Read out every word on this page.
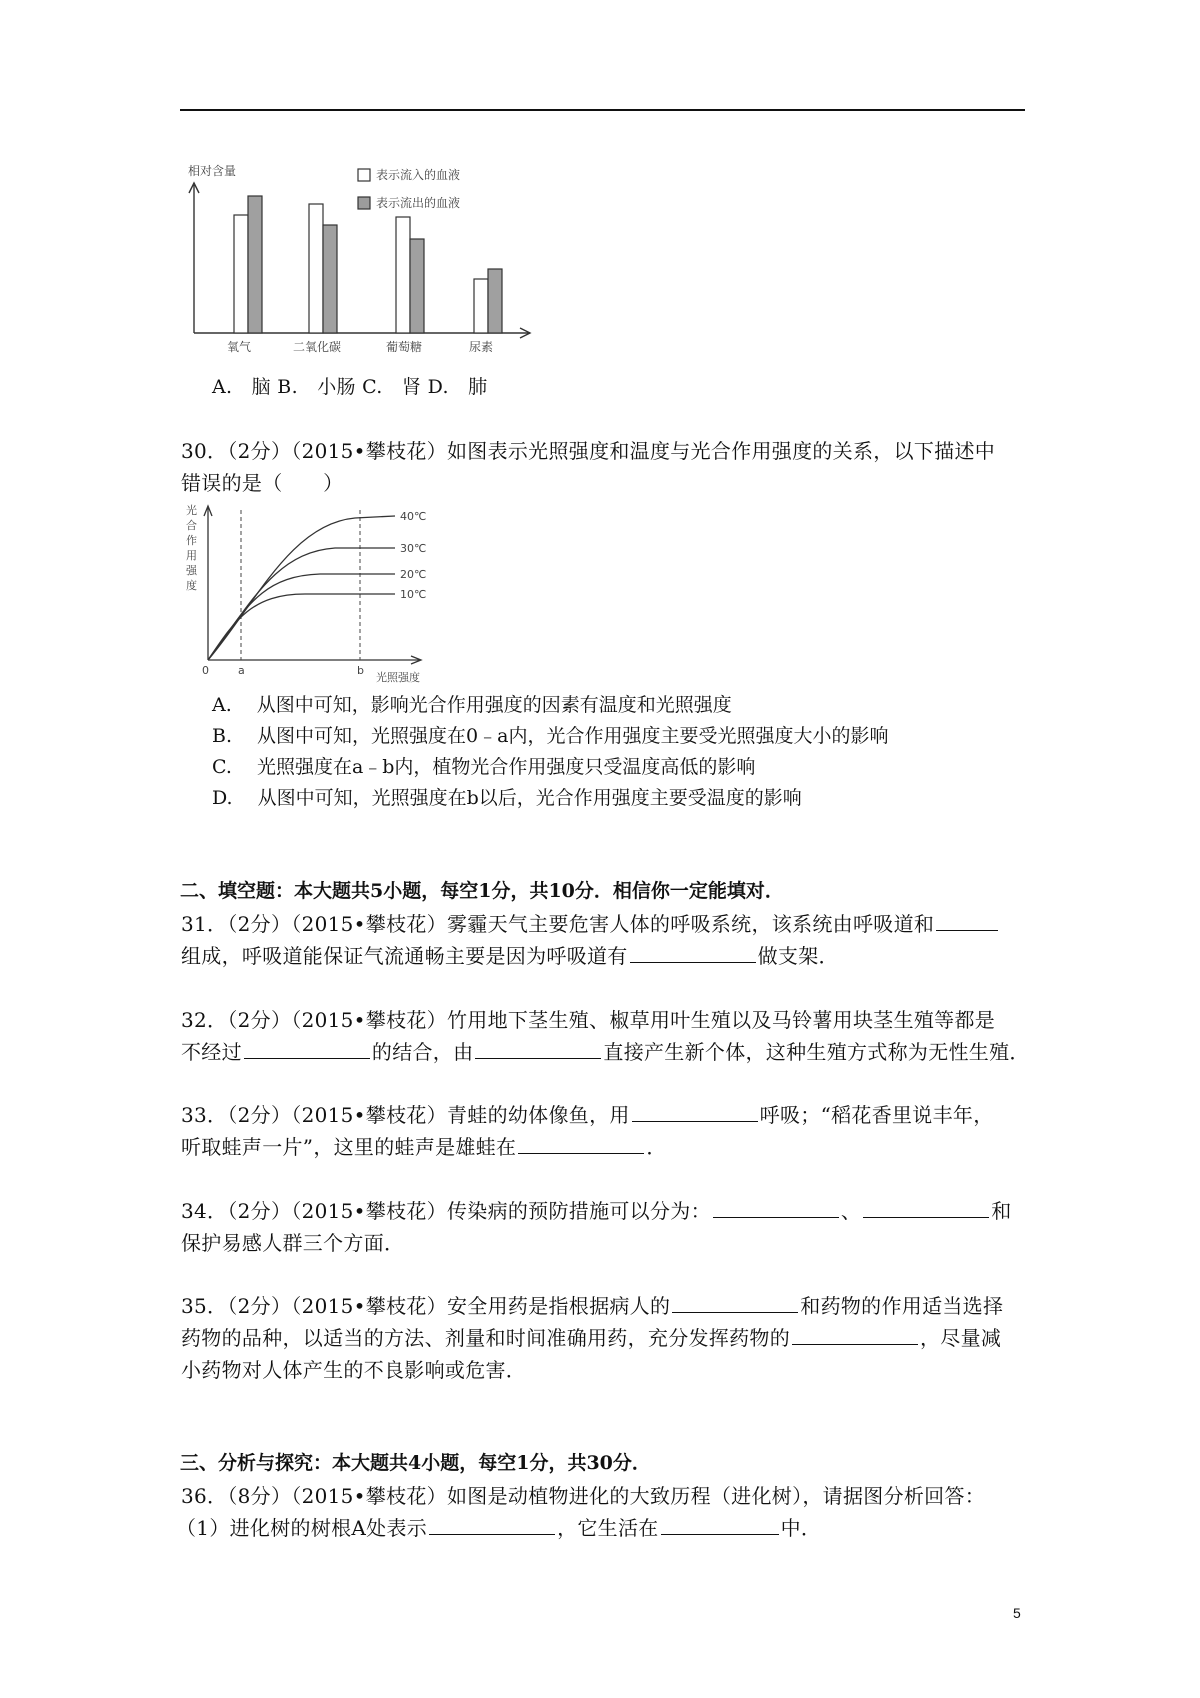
相对含量	表示流入的血液
表示流出的血液
氧气	二氧化碳	葡萄糖	尿素
A.　脑 B.　小肠 C.　肾 D.　肺
30．（2分）（2015•攀枝花）如图表示光照强度和温度与光合作用强度的关系，以下描述中
错误的是（　　）
光
合
作
用
强
度
40℃
30℃
20℃
10℃
0	a	b
光照强度
A.　 从图中可知，影响光合作用强度的因素有温度和光照强度
B.　 从图中可知，光照强度在0﹣a内，光合作用强度主要受光照强度大小的影响
C.　 光照强度在a﹣b内，植物光合作用强度只受温度高低的影响
D.　 从图中可知，光照强度在b以后，光合作用强度主要受温度的影响
二、填空题：本大题共5小题，每空1分，共10分．相信你一定能填对．
31．（2分）（2015•攀枝花）雾霾天气主要危害人体的呼吸系统，该系统由呼吸道和
组成，呼吸道能保证气流通畅主要是因为呼吸道有	做支架．
32．（2分）（2015•攀枝花）竹用地下茎生殖、椒草用叶生殖以及马铃薯用块茎生殖等都是
不经过	的结合，由	直接产生新个体，这种生殖方式称为无性生殖．
33．（2分）（2015•攀枝花）青蛙的幼体像鱼，用	呼吸；“稻花香里说丰年，
听取蛙声一片”，这里的蛙声是雄蛙在	．
34．（2分）（2015•攀枝花）传染病的预防措施可以分为：	、	和
保护易感人群三个方面．
35．（2分）（2015•攀枝花）安全用药是指根据病人的	和药物的作用适当选择
药物的品种，以适当的方法、剂量和时间准确用药，充分发挥药物的	，尽量减
小药物对人体产生的不良影响或危害．
三、分析与探究：本大题共4小题，每空1分，共30分．
36．（8分）（2015•攀枝花）如图是动植物进化的大致历程（进化树），请据图分析回答：
（1）进化树的树根A处表示	，它生活在	中．
5
